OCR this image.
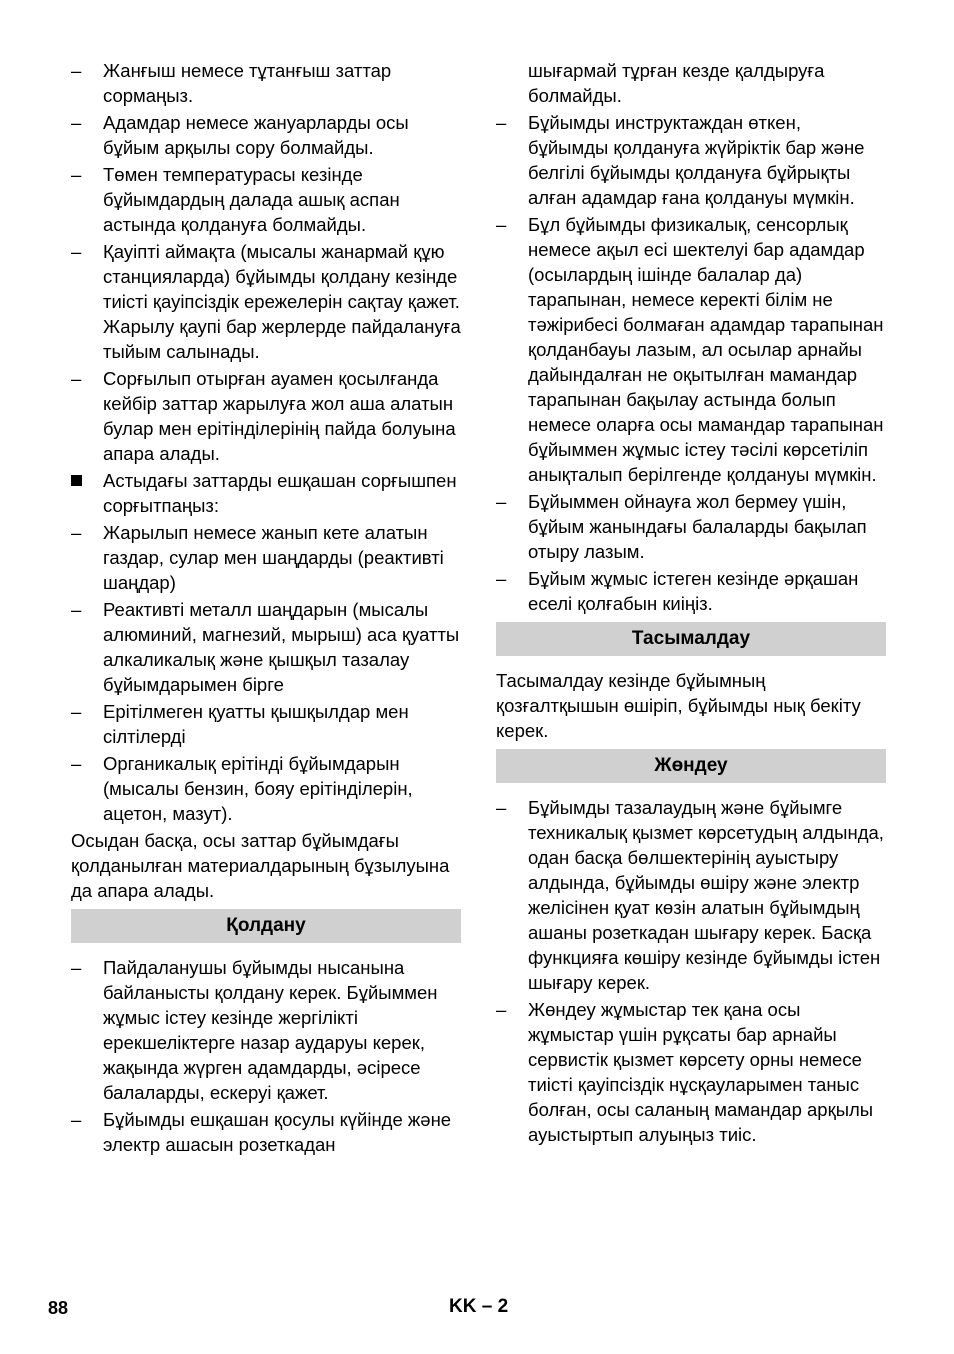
–	Жанғыш немесе тұтанғыш заттар сормаңыз.
–	Адамдар немесе жануарларды осы бұйым арқылы сору болмайды.
–	Төмен температурасы кезінде бұйымдардың далада ашық аспан астында қолдануға болмайды.
–	Қауіпті аймақта (мысалы жанармай құю станцияларда) бұйымды қолдану кезінде тиісті қауіпсіздік ережелерін сақтау қажет. Жарылу қаупі бар жерлерде пайдалануға тыйым салынады.
–	Сорғылып отырған ауамен қосылғанда кейбір заттар жарылуға жол аша алатын булар мен ерітінділерінің пайда болуына апара алады.
Астыдағы заттарды ешқашан сорғышпен сорғытпаңыз:
–	Жарылып немесе жанып кете алатын газдар, сулар мен шаңдарды (реактивті шаңдар)
–	Реактивті металл шаңдарын (мысалы алюминий, магнезий, мырыш) аса қуатты алкаликалық және қышқыл тазалау бұйымдарымен бірге
–	Ерітілмеген қуатты қышқылдар мен сілтілерді
–	Органикалық ерітінді бұйымдарын (мысалы бензин, бояу ерітінділерін, ацетон, мазут).

Осыдан басқа, осы заттар бұйымдағы қолданылған материалдарының бұзылуына да апара алады.

Қолдану
–	Пайдаланушы бұйымды нысанына байланысты қолдану керек. Бұйыммен жұмыс істеу кезінде жергілікті ерекшеліктерге назар аудаpуы керек, жақында жүрген адамдарды, әсіресе балаларды, ескеруі қажет.
–	Бұйымды ешқашан қосулы күйінде және электр ашасын розеткадан
шығармай тұрған кезде қалдыруға болмайды.
–	Бұйымды инструктаждан өткен, бұйымды қолдануға жүйріктік бар және белгілі бұйымды қолдануға бұйрықты алған адамдар ғана қолдануы мүмкін.
–	Бұл бұйымды физикалық, сенсорлық немесе ақыл есі шектелуі бар адамдар (осылардың ішінде балалар да) тарапынан, немесе керекті білім не тәжірибесі болмаған адамдар тарапынан қолданбауы лазым, ал осылар арнайы дайындалған не оқытылған мамандар тарапынан бақылау астында болып немесе оларға осы мамандар тарапынан бұйыммен жұмыс істеу тәсілі көрсетіліп анықталып берілгенде қолдануы мүмкін.
–	Бұйыммен ойнауға жол бермеу үшін, бұйым жанындағы балаларды бақылап отыру лазым.
–	Бұйым жұмыс істеген кезінде әрқашан еселі қолғабын киіңіз.
Тасымалдау

Тасымалдау кезінде бұйымның қозғалтқышын өшіріп, бұйымды нық бекіту керек.

Жөндеу
–	Бұйымды тазалаудың және бұйымге техникалық қызмет көрсетудың алдында, одан басқа бөлшектерінің ауыстыру алдында, бұйымды өшіру және электр желісінен қуат көзін алатын бұйымдың ашаны розеткадан шығару керек. Басқа функцияға көшіру кезінде бұйымды істен шығару керек.
–	Жөндеу жұмыстар тек қана осы жұмыстар үшін рұқсаты бар арнайы сервистік қызмет көрсету орны немесе тиісті қауіпсіздік нұсқауларымен таныс болған, осы саланың мамандар арқылы ауыстыртып алуыңыз тиіс.
88	KK – 2
